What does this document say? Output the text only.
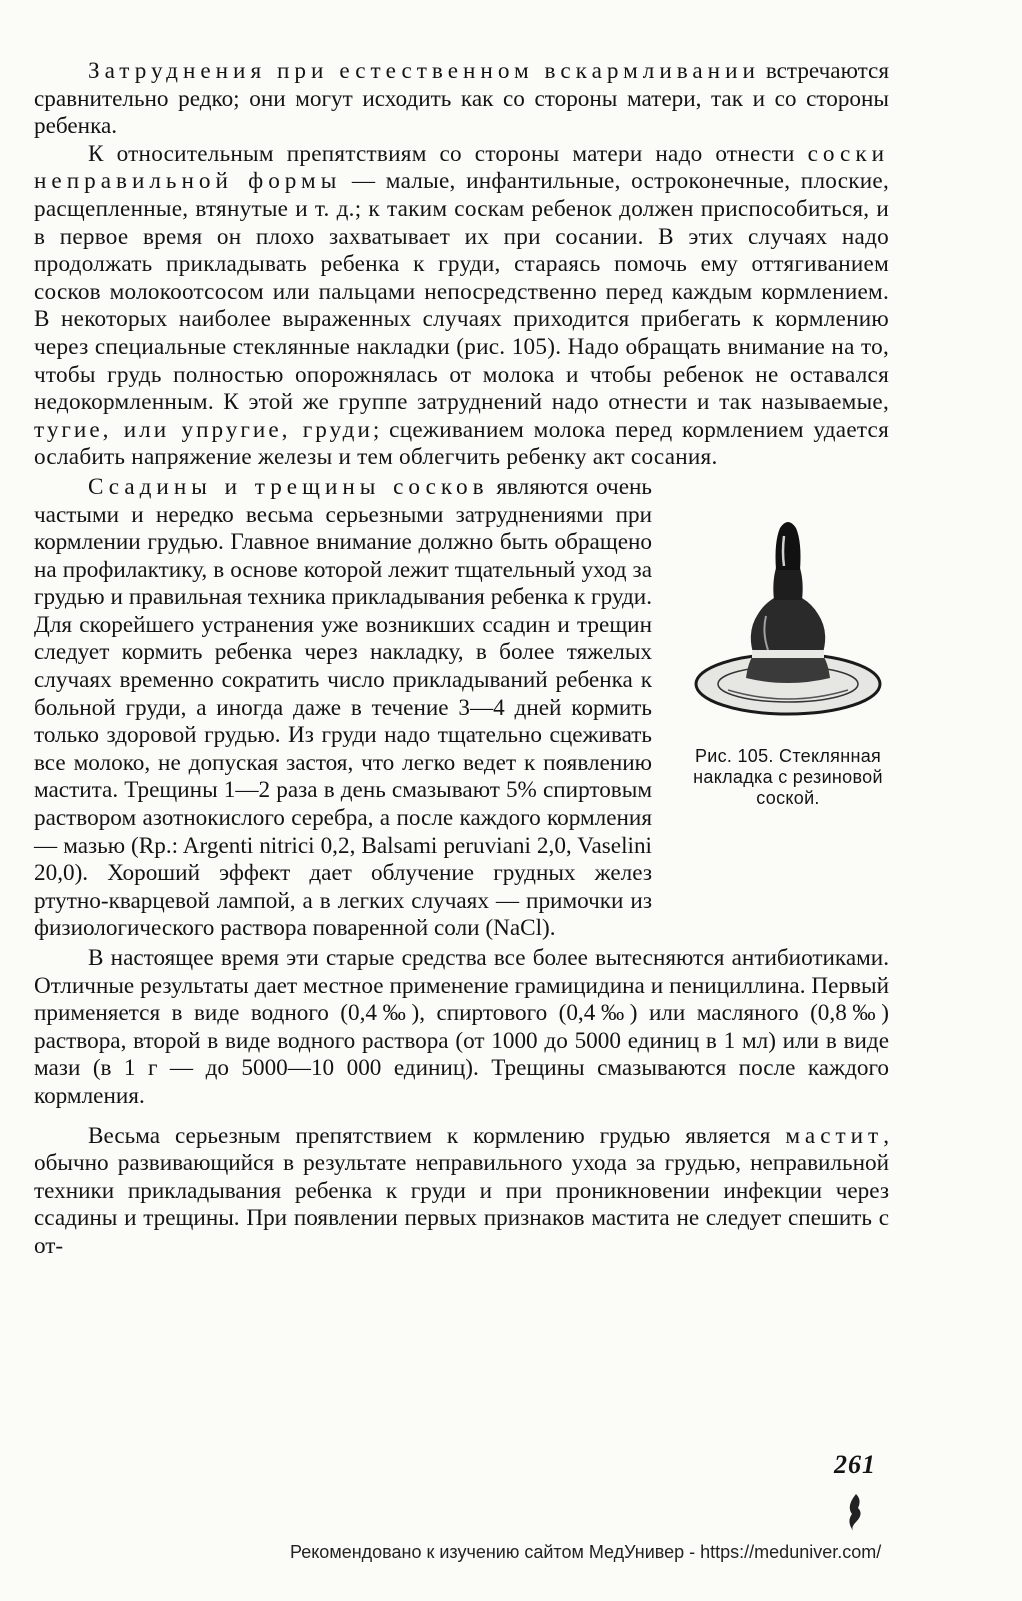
Затруднения при естественном вскармливании встречаются сравнительно редко; они могут исходить как со стороны матери, так и со стороны ребенка.

К относительным препятствиям со стороны матери надо отнести соски неправильной формы — малые, инфантильные, остроконечные, плоские, расщепленные, втянутые и т. д.; к таким соскам ребенок должен приспособиться, и в первое время он плохо захватывает их при сосании. В этих случаях надо продолжать прикладывать ребенка к груди, стараясь помочь ему оттягиванием сосков молокоотсосом или пальцами непосредственно перед каждым кормлением. В некоторых наиболее выраженных случаях приходится прибегать к кормлению через специальные стеклянные накладки (рис. 105). Надо обращать внимание на то, чтобы грудь полностью опорожнялась от молока и чтобы ребенок не оставался недокормленным. К этой же группе затруднений надо отнести и так называемые, тугие, или упругие, груди; сцеживанием молока перед кормлением удается ослабить напряжение железы и тем облегчить ребенку акт сосания.

Ссадины и трещины сосков являются очень частыми и нередко весьма серьезными затруднениями при кормлении грудью. Главное внимание должно быть обращено на профилактику, в основе которой лежит тщательный уход за грудью и правильная техника прикладывания ребенка к груди. Для скорейшего устранения уже возникших ссадин и трещин следует кормить ребенка через накладку, в более тяжелых случаях временно сократить число прикладываний ребенка к больной груди, а иногда даже в течение 3—4 дней кормить только здоровой грудью. Из груди надо тщательно сцеживать все молоко, не допуская застоя, что легко ведет к появлению мастита. Трещины 1—2 раза в день смазывают 5% спиртовым раствором азотнокислого серебра, а после каждого кормления — мазью (Rp.: Argenti nitrici 0,2, Balsami peruviani 2,0, Vaselini 20,0). Хороший эффект дает облучение грудных желез ртутно-кварцевой лампой, а в легких случаях — примочки из физиологического раствора поваренной соли (NaCl).

Рис. 105. Стеклянная накладка с резиновой соской.

В настоящее время эти старые средства все более вытесняются антибиотиками. Отличные результаты дает местное применение грамицидина и пенициллина. Первый применяется в виде водного (0,4‰), спиртового (0,4‰) или масляного (0,8‰) раствора, второй в виде водного раствора (от 1000 до 5000 единиц в 1 мл) или в виде мази (в 1 г — до 5000—10 000 единиц). Трещины смазываются после каждого кормления.

Весьма серьезным препятствием к кормлению грудью является мастит, обычно развивающийся в результате неправильного ухода за грудью, неправильной техники прикладывания ребенка к груди и при проникновении инфекции через ссадины и трещины. При появлении первых признаков мастита не следует спешить с от-

261
Рекомендовано к изучению сайтом МедУнивер - https://meduniver.com/
